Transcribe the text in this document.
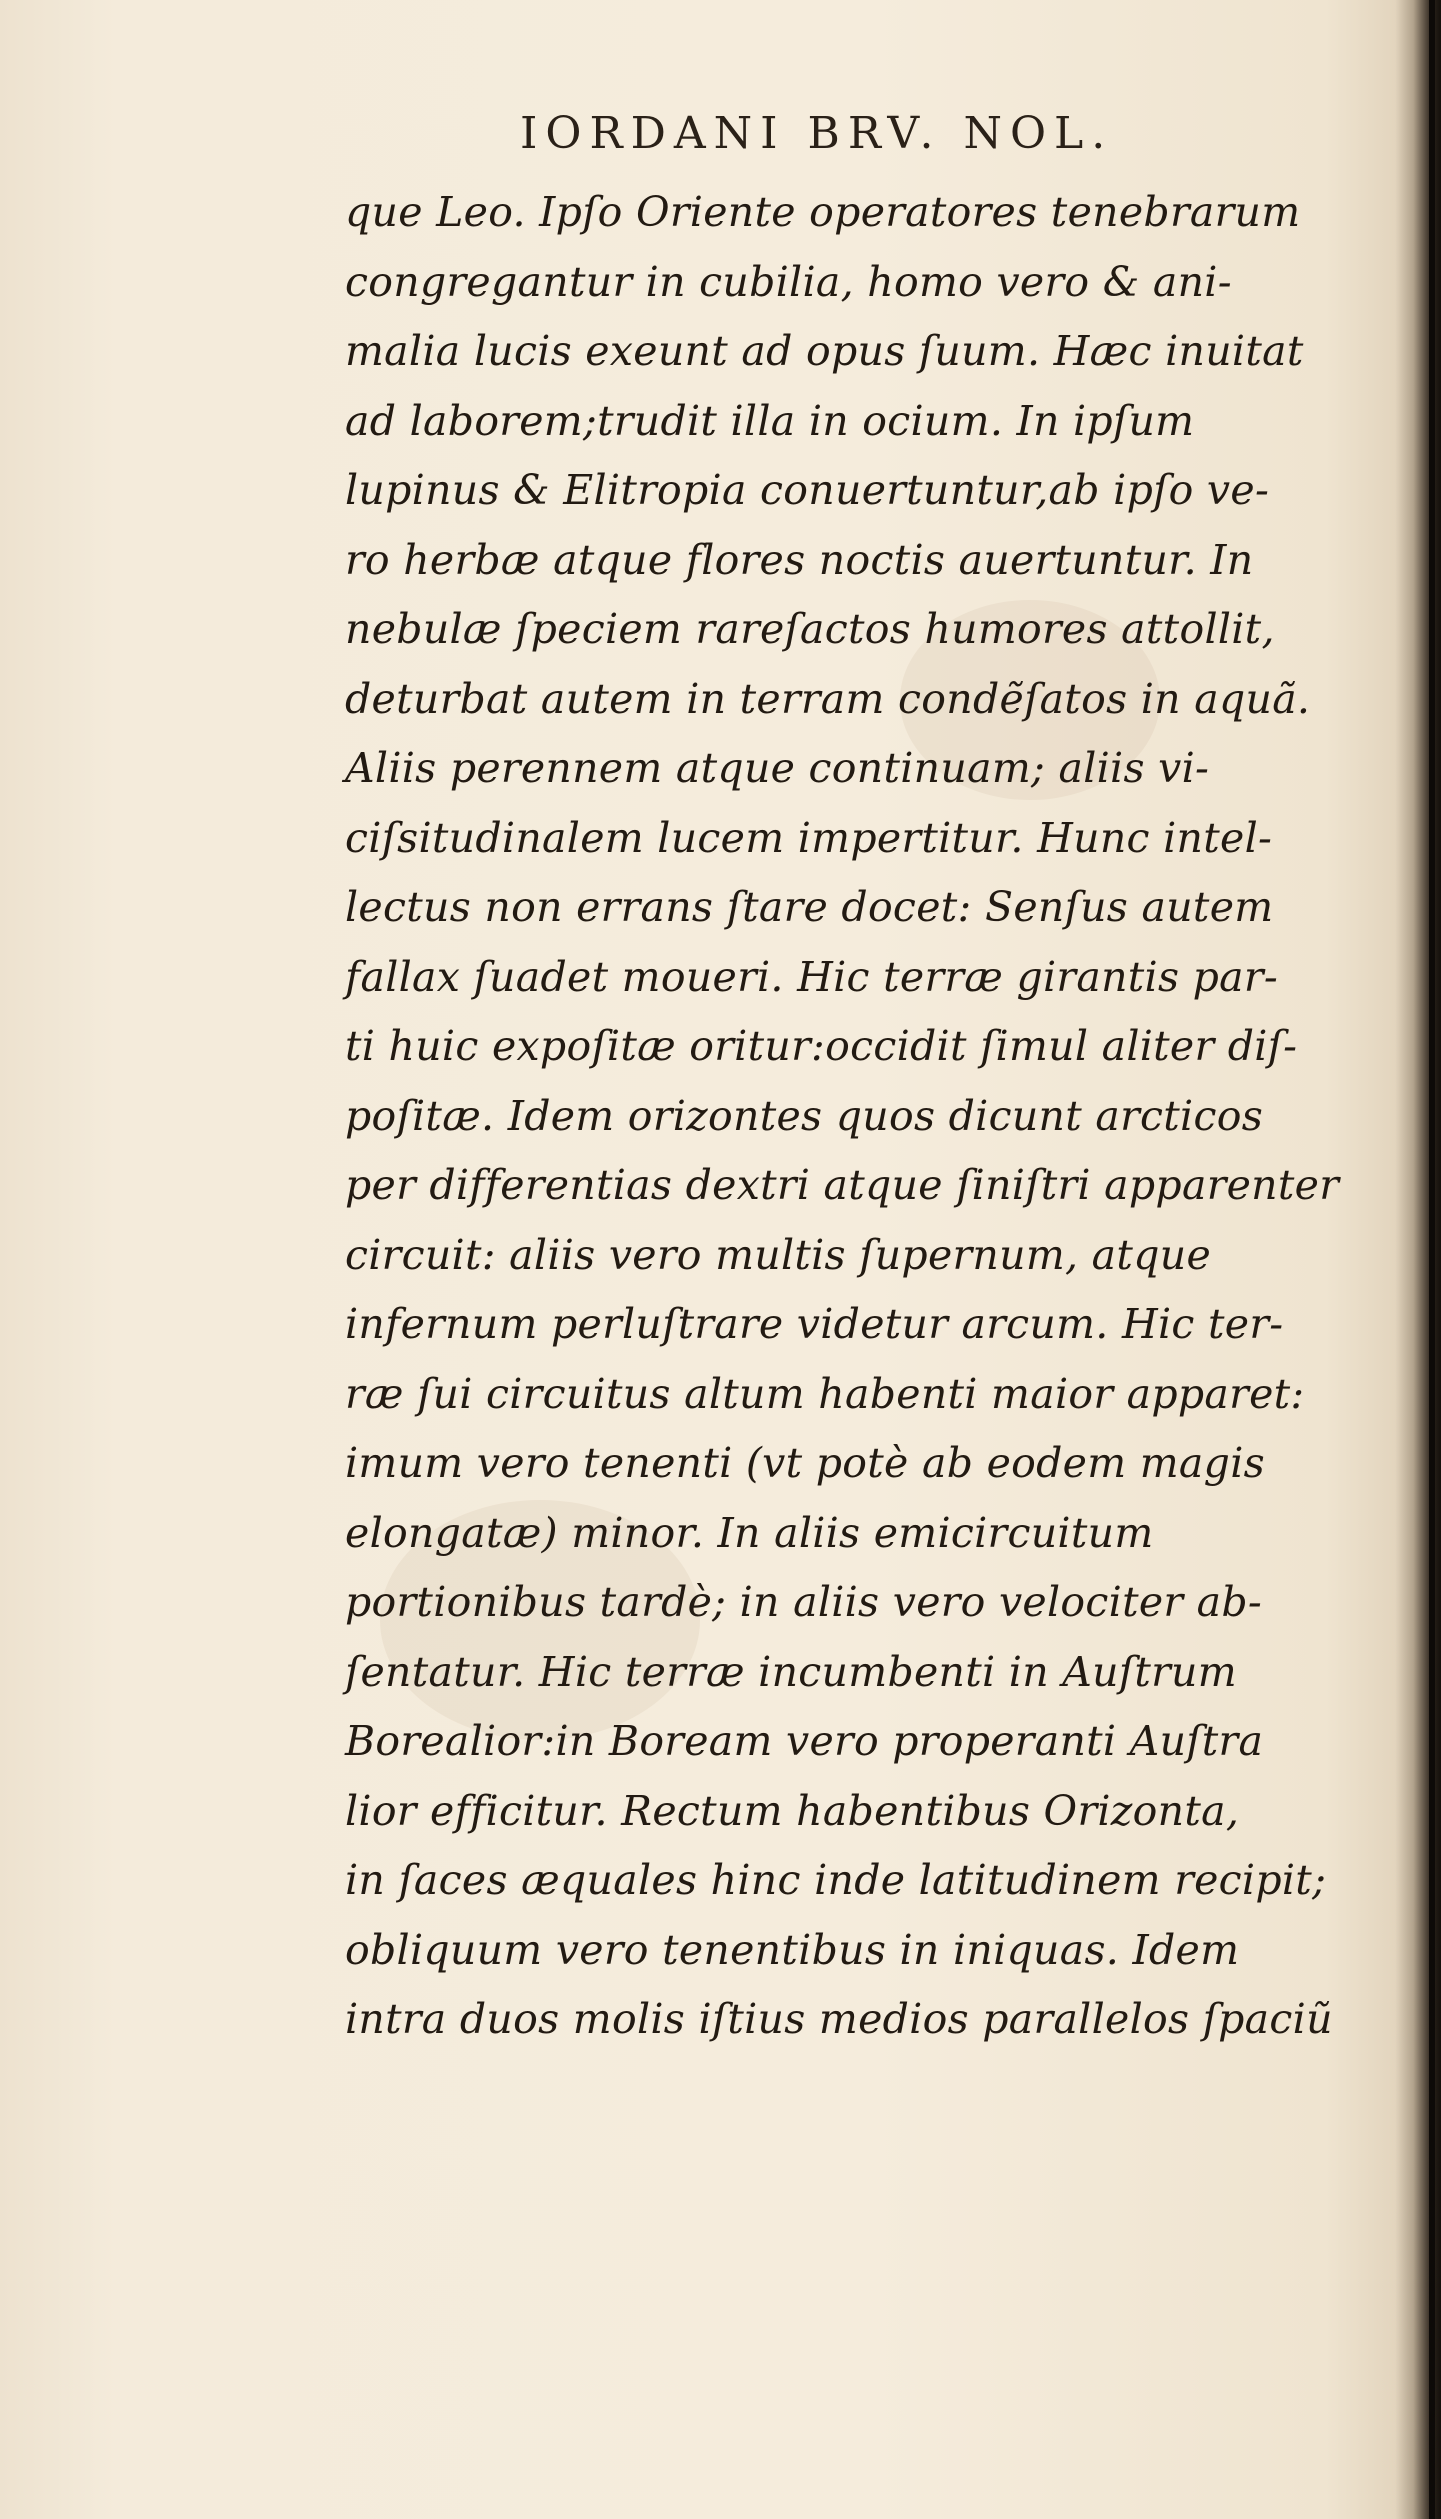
IORDANI BRV. NOL.
que Leo. Ipſo Oriente operatores tenebrarum
congregantur in cubilia, homo vero & ani-
malia lucis exeunt ad opus ſuum. Hæc inuitat
ad laborem;trudit illa in ocium. In ipſum
lupinus & Elitropia conuertuntur,ab ipſo ve-
ro herbæ atque flores noctis auertuntur. In
nebulæ ſpeciem rareſactos humores attollit,
deturbat autem in terram condẽſatos in aquã.
Aliis perennem atque continuam; aliis vi-
ciſsitudinalem lucem impertitur. Hunc intel-
lectus non errans ſtare docet: Senſus autem
fallax ſuadet moueri. Hic terræ girantis par-
ti huic expoſitæ oritur:occidit ſimul aliter diſ-
poſitæ. Idem orizontes quos dicunt arcticos
per differentias dextri atque ſiniſtri apparenter
circuit: aliis vero multis ſupernum, atque
infernum perluſtrare videtur arcum. Hic ter-
ræ ſui circuitus altum habenti maior apparet:
imum vero tenenti (vt potè ab eodem magis
elongatæ) minor. In aliis emicircuitum
portionibus tardè; in aliis vero velociter ab-
ſentatur. Hic terræ incumbenti in Auſtrum
Borealior:in Boream vero properanti Auſtra
lior efficitur. Rectum habentibus Orizonta,
in ſaces æquales hinc inde latitudinem recipit;
obliquum vero tenentibus in iniquas. Idem
intra duos molis iſtius medios parallelos ſpaciũ
